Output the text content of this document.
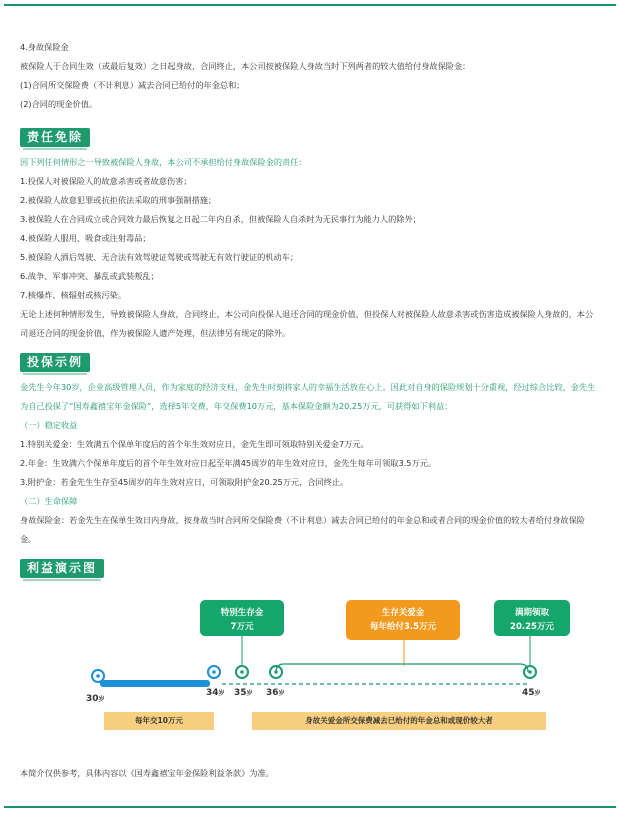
4.身故保险金

被保险人于合同生效（或最后复效）之日起身故，合同终止，本公司按被保险人身故当时下列两者的较大值给付身故保险金：

(1)合同所交保险费（不计利息）减去合同已给付的年金总和；

(2)合同的现金价值。

责任免除

因下列任何情形之一导致被保险人身故，本公司不承担给付身故保险金的责任：

1.投保人对被保险人的故意杀害或者故意伤害；

2.被保险人故意犯罪或抗拒依法采取的刑事强制措施；

3.被保险人在合同成立或合同效力最后恢复之日起二年内自杀，但被保险人自杀时为无民事行为能力人的除外；

4.被保险人服用、吸食或注射毒品；

5.被保险人酒后驾驶、无合法有效驾驶证驾驶或驾驶无有效行驶证的机动车；

6.战争、军事冲突、暴乱或武装叛乱；

7.核爆炸、核辐射或核污染。

无论上述何种情形发生，导致被保险人身故，合同终止，本公司向投保人退还合同的现金价值，但投保人对被保险人故意杀害或伤害造成被保险人身故的，本公司退还合同的现金价值，作为被保险人遗产处理，但法律另有规定的除外。

投保示例

金先生今年30岁，企业高级管理人员，作为家庭的经济支柱，金先生时刻将家人的幸福生活放在心上。因此对自身的保险规划十分重视，经过综合比较，金先生为自己投保了“国寿鑫禧宝年金保险”，选择5年交费，年交保费10万元，基本保险金额为20.25万元，可获得如下利益：

（一）稳定收益

1.特别关爱金：生效满五个保单年度后的首个年生效对应日，金先生即可领取特别关爱金7万元。

2.年金：生效满六个保单年度后的首个年生效对应日起至年满45周岁的年生效对应日，金先生每年可领取3.5万元。

3.附护金：若金先生生存至45周岁的年生效对应日，可领取附护金20.25万元，合同终止。

（二）生命保障

身故保险金：若金先生在保单生效日内身故，按身故当时合同所交保险费（不计利息）减去合同已给付的年金总和或者合同的现金价值的较大者给付身故保险金。

利益演示图
特别生存金
7万元
生存关爱金
每年给付3.5万元
满期领取
20.25万元
30岁
34岁 35岁 36岁	45岁
每年交10万元	身故关爱金所交保费减去已给付的年金总和或现价较大者

本简介仅供参考，具体内容以《国寿鑫禧宝年金保险利益条款》为准。
